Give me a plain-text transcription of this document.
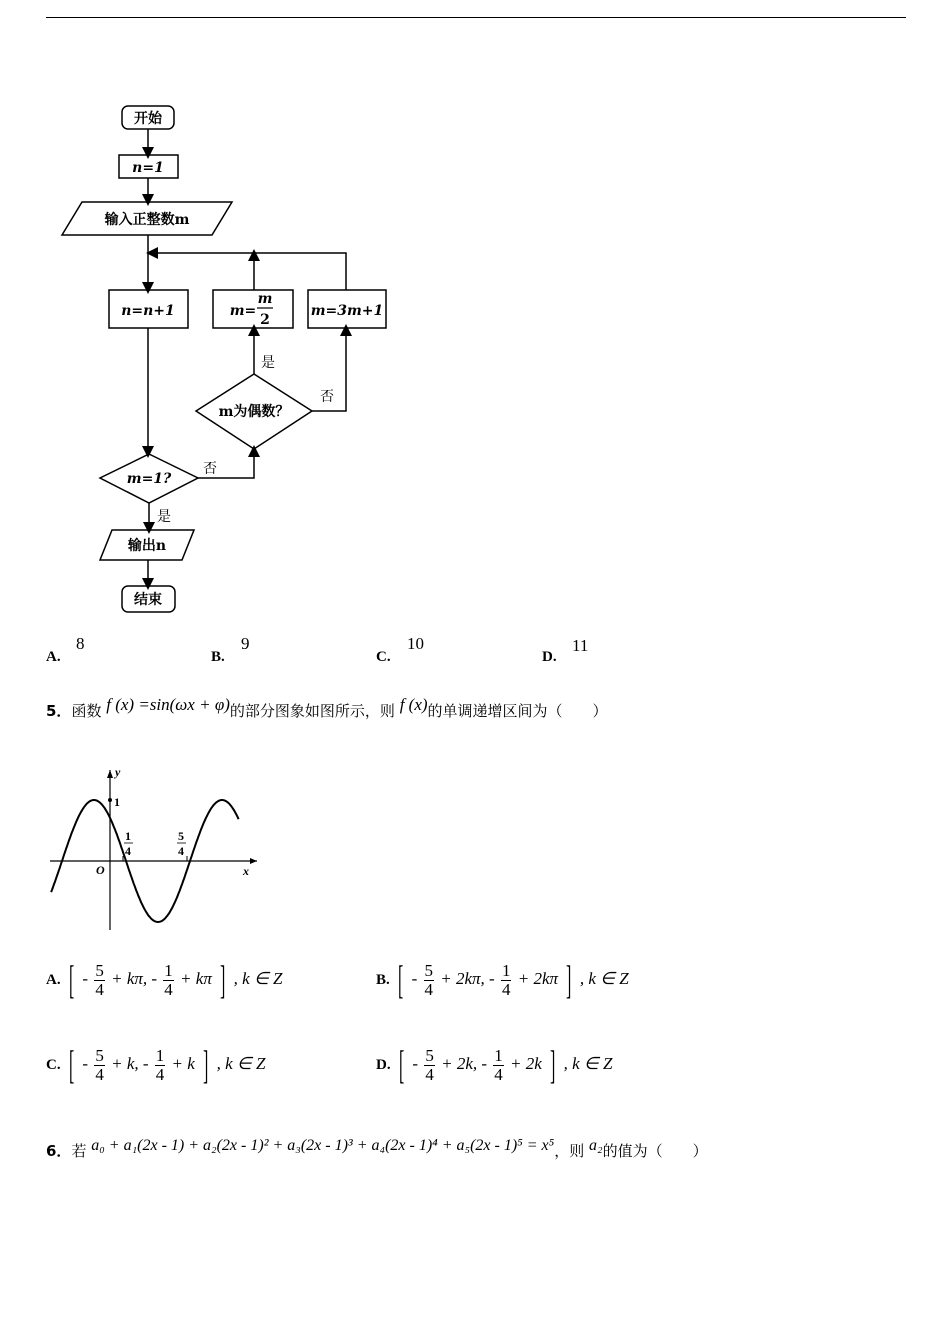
开始
n=1
输入正整数m
n=n+1	m=
m
2
m=3m+1
m为偶数？
m=1?
是
否
是
否
输出n
结束
A.
8
B.
9
C.
10
D.
11
5．函数 f (x) =sin(ωx + φ)的部分图象如图所示，则 f (x)的单调递增区间为（　　）
y
x
O
1
1
4
5
4
A. [ - $\frac{5}{4} + k\pi$, - $\frac{1}{4} + k\pi$ ] , k ∈ Z	B. [ - $\frac{5}{4} + 2k\pi$, - $\frac{1}{4} + 2k\pi$ ] , k ∈ Z
C. [ - $\frac{5}{4} + k$, - $\frac{1}{4} + k$ ] , k ∈ Z	D. [ - $\frac{5}{4} + 2k$, - $\frac{1}{4} + 2k$ ] , k ∈ Z
6．若 a₀ + a₁(2x - 1) + a₂(2x - 1)² + a₃(2x - 1)³ + a₄(2x - 1)⁴ + a₅(2x - 1)⁵ = x⁵，则 a₂的值为（　　）
